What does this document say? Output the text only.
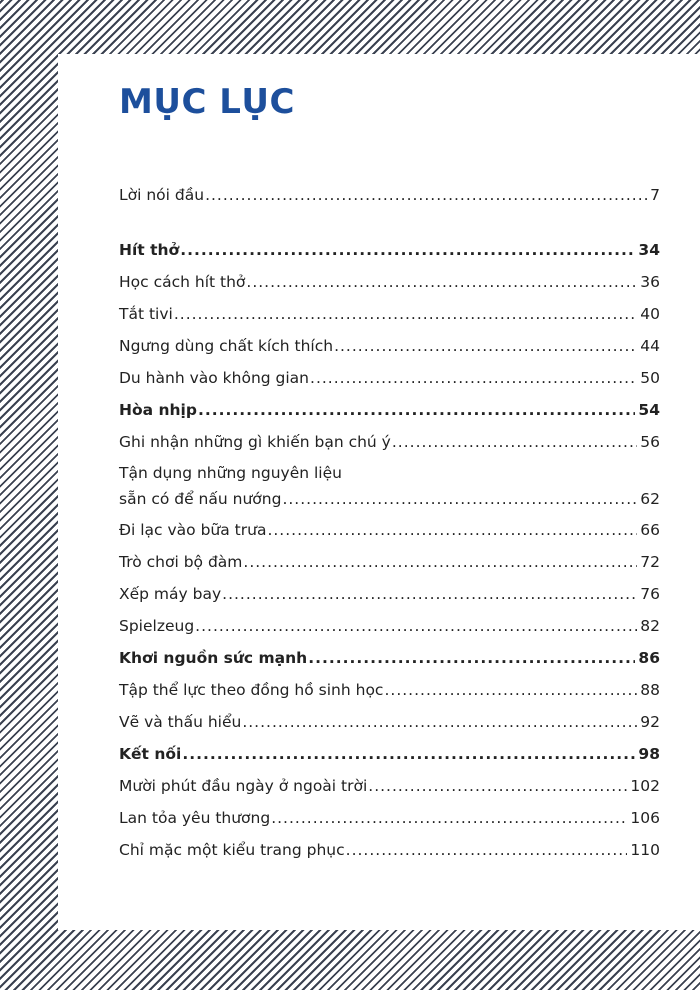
MỤC LỤC
Lời nói đầu .....	7
Hít thở .....	34
Học cách hít thở .....	36
Tắt tivi .....	40
Ngưng dùng chất kích thích .....	44
Du hành vào không gian .....	50
Hòa nhịp .....	54
Ghi nhận những gì khiến bạn chú ý .....	56
Tận dụng những nguyên liệu
sẵn có để nấu nướng .....	62
Đi lạc vào bữa trưa .....	66
Trò chơi bộ đàm .....	72
Xếp máy bay .....	76
Spielzeug .....	82
Khơi nguồn sức mạnh .....	86
Tập thể lực theo đồng hồ sinh học .....	88
Vẽ và thấu hiểu .....	92
Kết nối .....	98
Mười phút đầu ngày ở ngoài trời .....	102
Lan tỏa yêu thương .....	106
Chỉ mặc một kiểu trang phục .....	110
